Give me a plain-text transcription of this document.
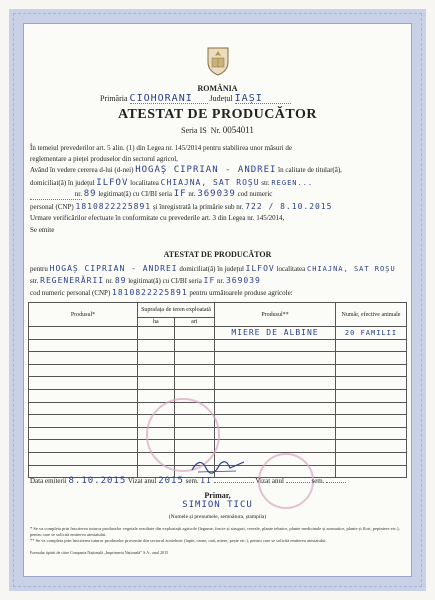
ROMÂNIA
Primăria CIOHORANI Județul IAȘI
ATESTAT DE PRODUCĂTOR
Seria IS Nr. 0054011
În temeiul prevederilor art. 5 alin. (1) din Legea nr. 145/2014 pentru stabilirea unor măsuri de
reglementare a pieței produselor din sectorul agricol,
Având în vedere cererea d-lui (d-nei) HOGAȘ CIPRIAN - ANDREI în calitate de titular(ă),
domiciliat(ă) în județul ILFOV localitatea CHIAJNA, SAT ROȘU str. REGEN...
nr. 89 legitimat(ă) cu CI/BI seria IF nr. 369039 cod numeric
personal (CNP) 1810822225891 și înregistrată la primărie sub nr. 722 / 8.10.2015
Urmare verificărilor efectuate în conformitate cu prevederile art. 3 din Legea nr. 145/2014,
Se emite
ATESTAT DE PRODUCĂTOR
pentru HOGAȘ CIPRIAN - ANDREI domiciliat(ă) în județul ILFOV localitatea CHIAJNA, SAT ROȘU
str. REGENERĂRII nr. 89 legitimat(ă) cu CI/BI seria IF nr. 369039
cod numeric personal (CNP) 1810822225891 pentru următoarele produse agricole:
Produsul*	Suprafața de teren exploatată		Produsul**	Număr, efective animale
	ha	ari		
			MIERE DE ALBINE	20 FAMILII

Data emiterii 8.10.2015 Vizat anul 2015 sem. II	Vizat anul	sem.
Primar,
SIMION TICU
(Numele și prenumele, semnătura, ștampila)
* Se va completa prin înscrierea tuturor produselor vegetale rezultate din exploatații agricole (legume, fructe și struguri, cereale, plante tehnice, plante medicinale și aromatice, plante și flori, pepiniere etc.), pentru care se solicită emiterea atestatului.
** Se va completa prin înscrierea tuturor produselor provenite din sectorul zootehnic (lapte, carne, ouă, miere, pește etc.), pentru care se solicită emiterea atestatului.
Formular tipărit de către Compania Națională „Imprimeria Națională” S.A., anul 2015
